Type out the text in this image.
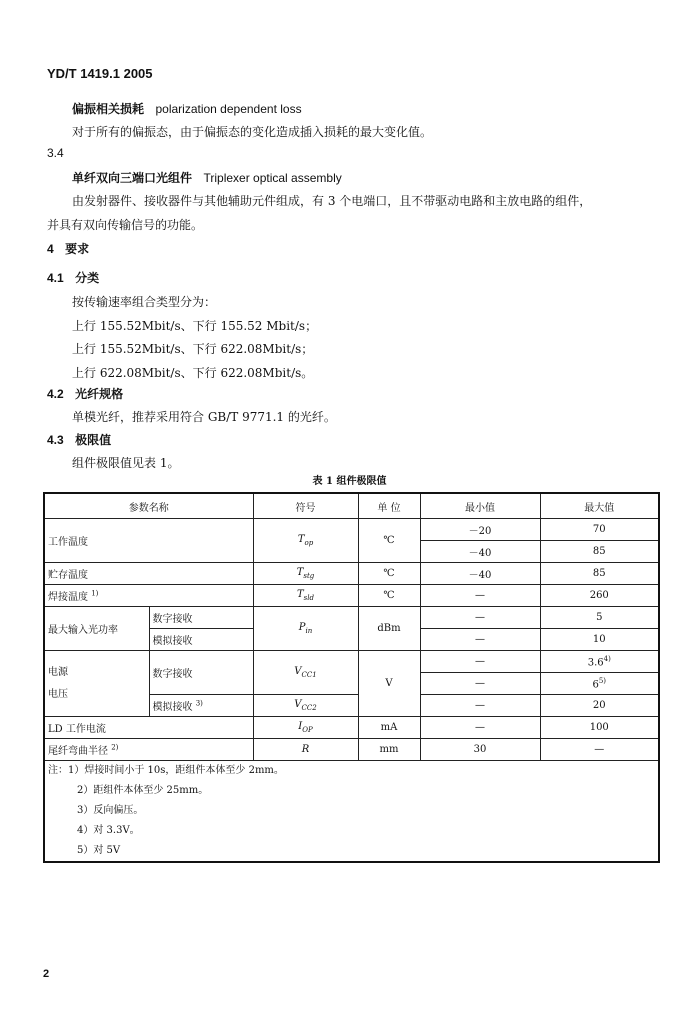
YD/T 1419.1 2005
偏振相关损耗 polarization dependent loss
对于所有的偏振态，由于偏振态的变化造成插入损耗的最大变化值。
3.4
单纤双向三端口光组件 Triplexer optical assembly
由发射器件、接收器件与其他辅助元件组成，有 3 个电端口，且不带驱动电路和主放电路的组件，
并具有双向传输信号的功能。
4 要求
4.1 分类
按传输速率组合类型分为：
上行 155.52Mbit/s、下行 155.52 Mbit/s；
上行 155.52Mbit/s、下行 622.08Mbit/s；
上行 622.08Mbit/s、下行 622.08Mbit/s。
4.2 光纤规格
单模光纤，推荐采用符合 GB/T 9771.1 的光纤。
4.3 极限值
组件极限值见表 1。
表 1 组件极限值
参数名称		符号	单 位	最小值	最大值
工作温度		$T_{op}$	℃	－20	70
				－40	85
贮存温度		$T_{stg}$	℃	－40	85
焊接温度 $^{1)}$		$T_{sld}$	℃	—	260
最大输入光功率	数字接收	$P_{in}$	dBm	—	5
	模拟接收			—	10

电源
电压	数字接收	$V_{CC1}$	V	—	3.6$^{4)}$
				—	6$^{5)}$
	模拟接收 $^{3)}$	$V_{CC2}$		—	20
LD 工作电流		$I_{OP}$	mA	—	100
尾纤弯曲半径 $^{2)}$		R	mm	30	—

注：1）焊接时间小于 10s，距组件本体至少 2mm。
2）距组件本体至少 25mm。
3）反向偏压。
4）对 3.3V。
5）对 5V					
2
